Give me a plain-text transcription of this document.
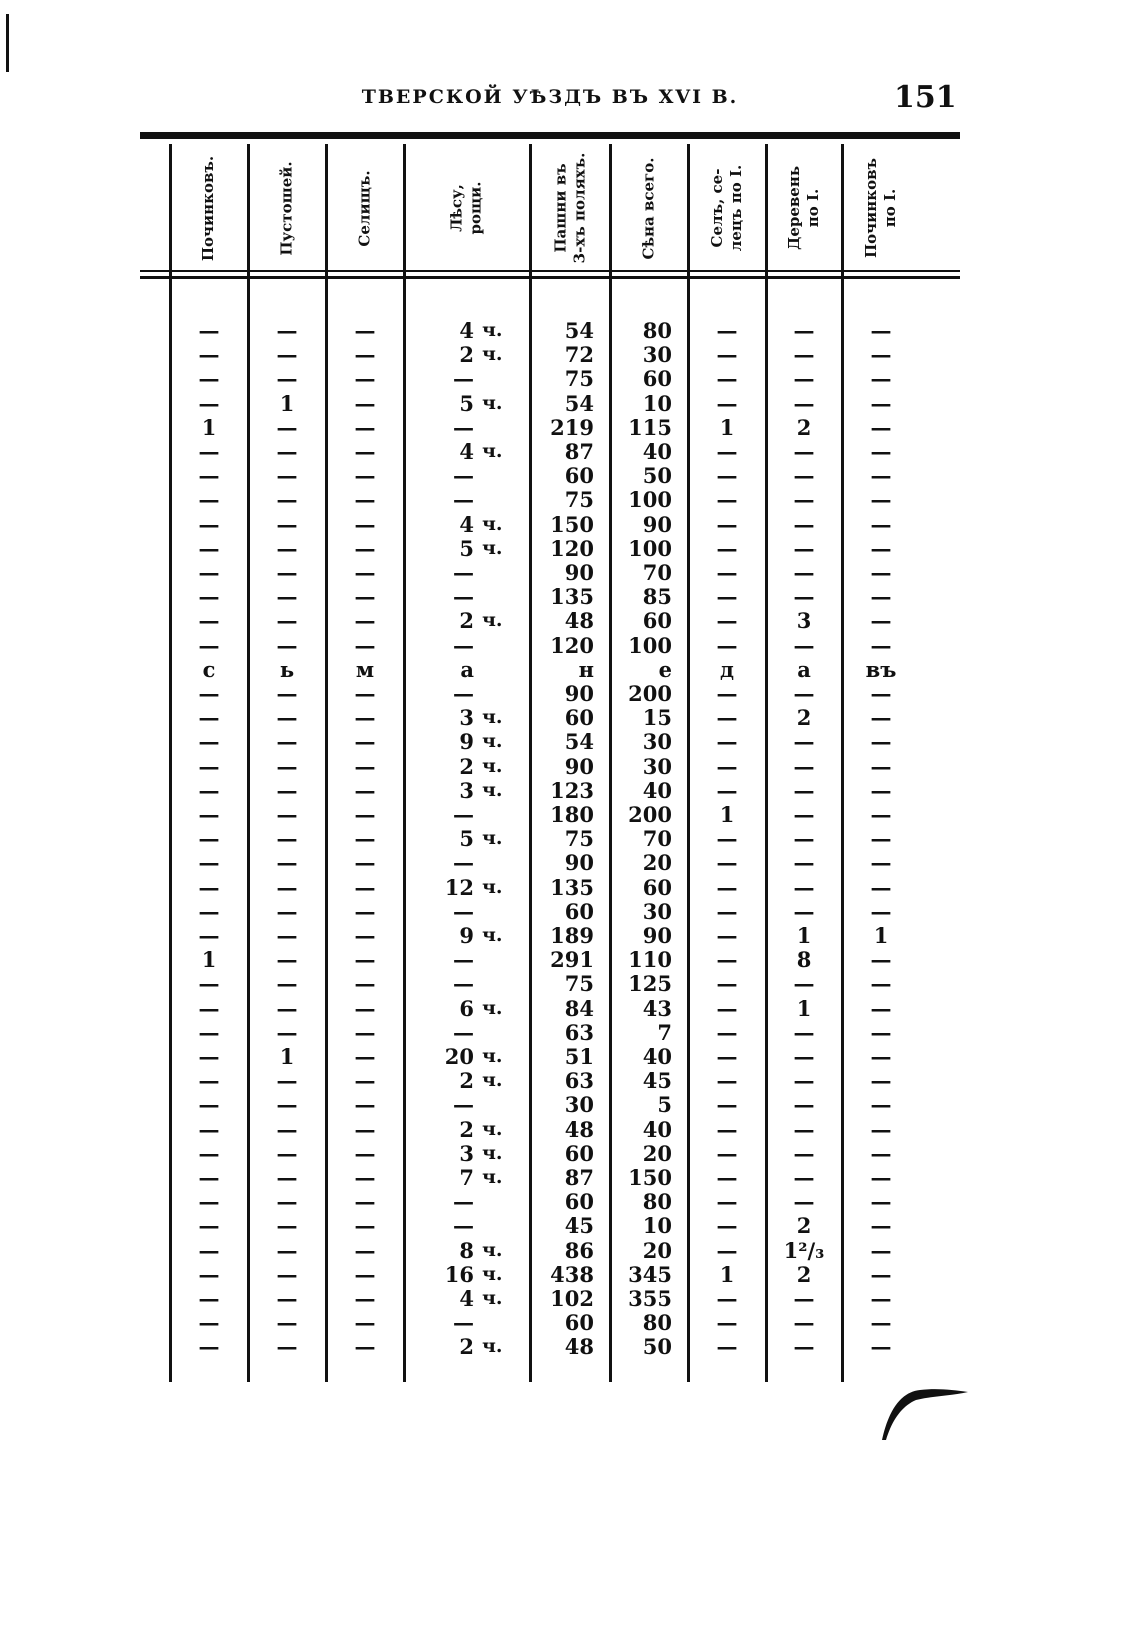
ТВЕРСКОЙ УѢЗДЪ ВЪ XVI В.	151
Починковъ.	Пустошей.	Селищъ.	Лѣсу, рощи.	Пашни въ 3-хъ поляхъ.	Сѣна всего.	Селъ, се- лецъ по I.	Деревень по I.	Починковъ по I.
—	—	—	4 ч.	54	80	—	—	—
—	—	—	2 ч.	72	30	—	—	—
—	—	—	—	75	60	—	—	—
—	1	—	5 ч.	54	10	—	—	—
1	—	—	—	219	115	1	2	—
—	—	—	4 ч.	87	40	—	—	—
—	—	—	—	60	50	—	—	—
—	—	—	—	75	100	—	—	—
—	—	—	4 ч.	150	90	—	—	—
—	—	—	5 ч.	120	100	—	—	—
—	—	—	—	90	70	—	—	—
—	—	—	—	135	85	—	—	—
—	—	—	2 ч.	48	60	—	3	—
—	—	—	—	120	100	—	—	—
с	ь	м	а	н	е	д	а	въ
—	—	—	—	90	200	—	—	—
—	—	—	3 ч.	60	15	—	2	—
—	—	—	9 ч.	54	30	—	—	—
—	—	—	2 ч.	90	30	—	—	—
—	—	—	3 ч.	123	40	—	—	—
—	—	—	—	180	200	1	—	—
—	—	—	5 ч.	75	70	—	—	—
—	—	—	—	90	20	—	—	—
—	—	—	12 ч.	135	60	—	—	—
—	—	—	—	60	30	—	—	—
—	—	—	9 ч.	189	90	—	1	1
1	—	—	—	291	110	—	8	—
—	—	—	—	75	125	—	—	—
—	—	—	6 ч.	84	43	—	1	—
—	—	—	—	63	7	—	—	—
—	1	—	20 ч.	51	40	—	—	—
—	—	—	2 ч.	63	45	—	—	—
—	—	—	—	30	5	—	—	—
—	—	—	2 ч.	48	40	—	—	—
—	—	—	3 ч.	60	20	—	—	—
—	—	—	7 ч.	87	150	—	—	—
—	—	—	—	60	80	—	—	—
—	—	—	—	45	10	—	2	—
—	—	—	8 ч.	86	20	—	1²/₃	—
—	—	—	16 ч.	438	345	1	2	—
—	—	—	4 ч.	102	355	—	—	—
—	—	—	—	60	80	—	—	—
—	—	—	2 ч.	48	50	—	—	—
